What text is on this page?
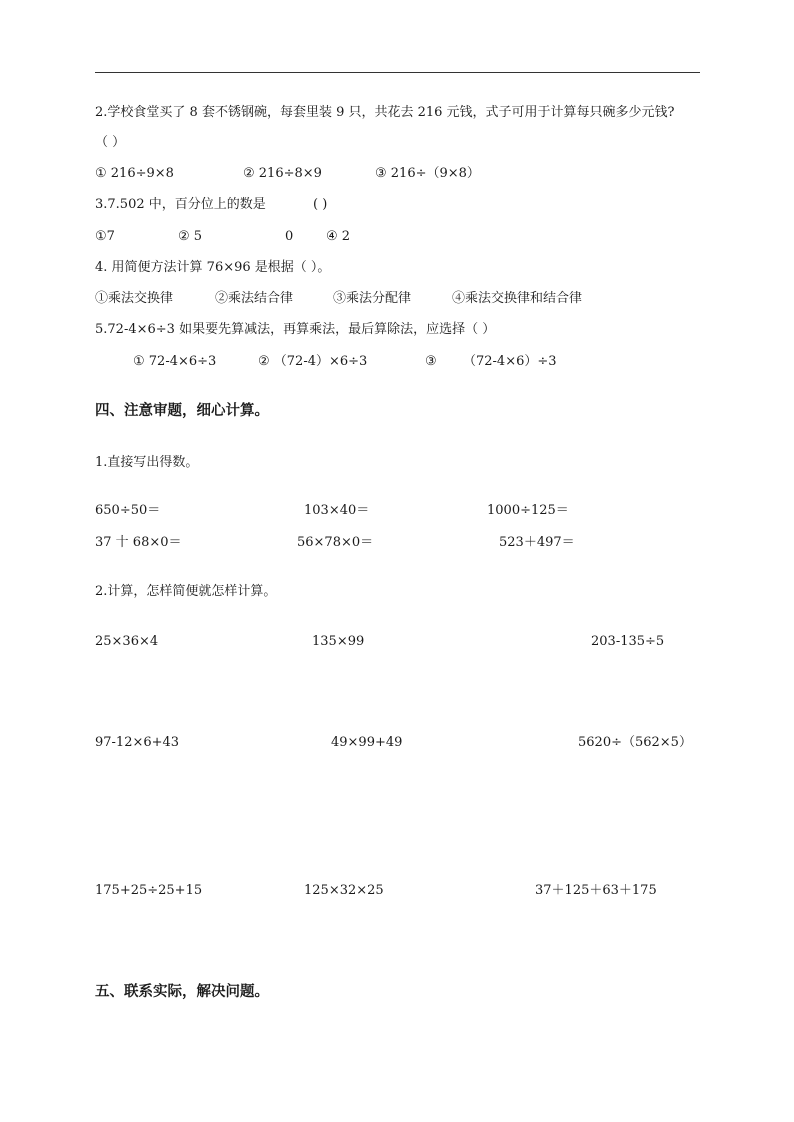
2.学校食堂买了 8 套不锈钢碗，每套里装 9 只，共花去 216 元钱，式子可用于计算每只碗多少元钱?
（ ）
① 216÷9×8	② 216÷8×9	③ 216÷（9×8）
3.7.502 中，百分位上的数是	( )
①7	② 5	0	④ 2
4. 用简便方法计算 76×96 是根据（ ）。
①乘法交换律	②乘法结合律	③乘法分配律	④乘法交换律和结合律
5.72-4×6÷3 如果要先算减法，再算乘法，最后算除法，应选择（ ）
① 72-4×6÷3	② （72-4）×6÷3	③ （72-4×6）÷3
四、注意审题，细心计算。
1.直接写出得数。
650÷50＝	103×40＝	1000÷125＝
37 十 68×0＝	56×78×0＝	523＋497＝
2.计算，怎样简便就怎样计算。
25×36×4	135×99	203-135÷5
97-12×6+43	49×99+49	5620÷（562×5）
175+25÷25+15	125×32×25	37＋125＋63＋175
五、联系实际，解决问题。
